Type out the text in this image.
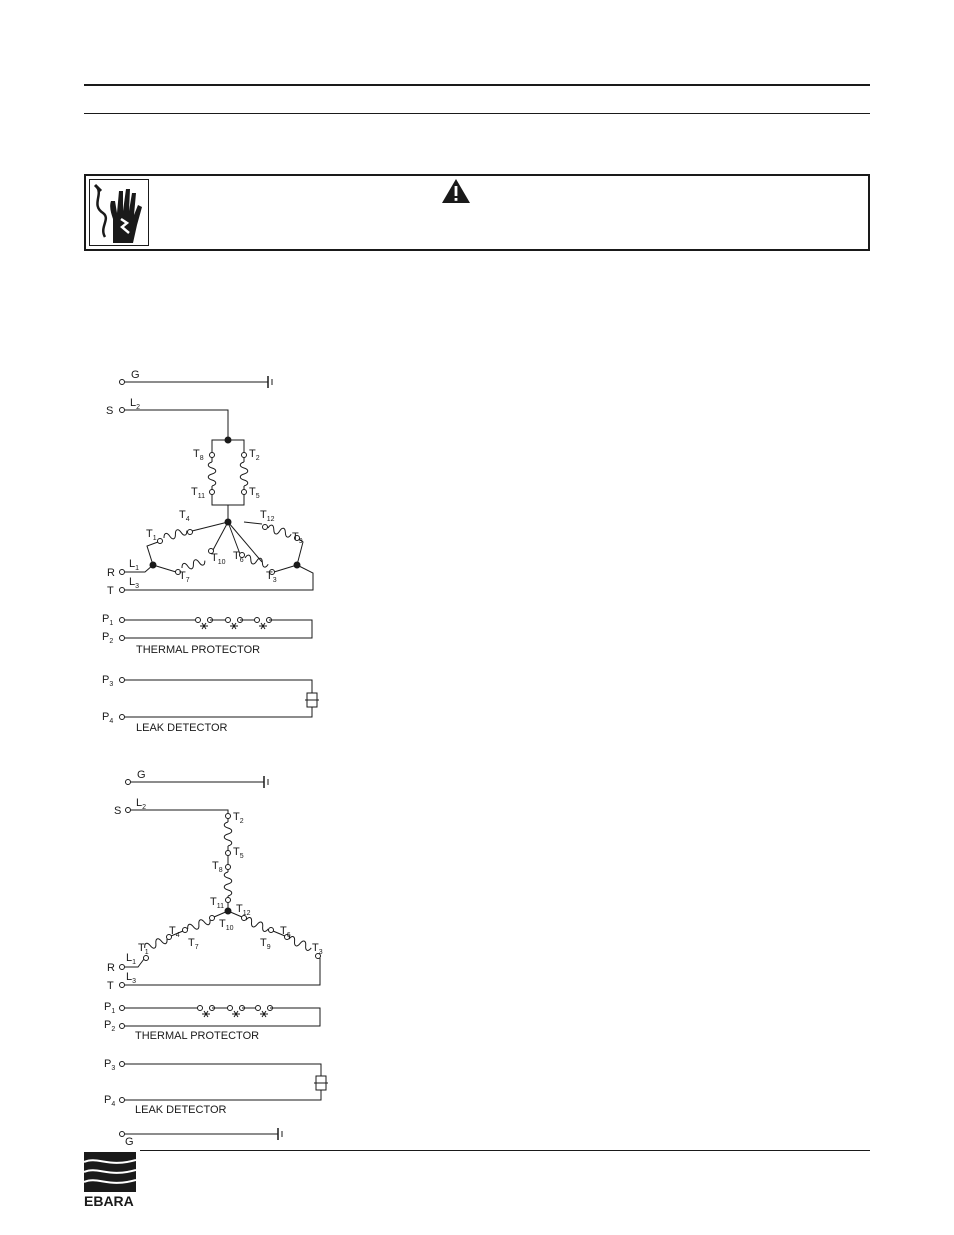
G
S
$L_2$
$T_8$	$T_2$
$T_{11}$	$T_5$
$T_4$
$T_1$
$T_{10}$
$T_7$
$T_{12}$
$T_9$
$T_6$
$T_3$
$L_1$
$L_3$
R
T
$P_1$
$P_2$
THERMAL PROTECTOR
$P_3$
$P_4$
LEAK DETECTOR
G
S
$L_2$
$T_2$
$T_5$
$T_8$
$T_{11}$ $T_{12}$
$T_{10}$
$T_4$
$T_1$
$T_7$	$T_9$
$T_6$
$T_3$
$L_1$
$L_3$
R
T
$P_1$
$P_2$
THERMAL PROTECTOR
$P_3$
$P_4$ LEAK DETECTOR
G
EBARA
